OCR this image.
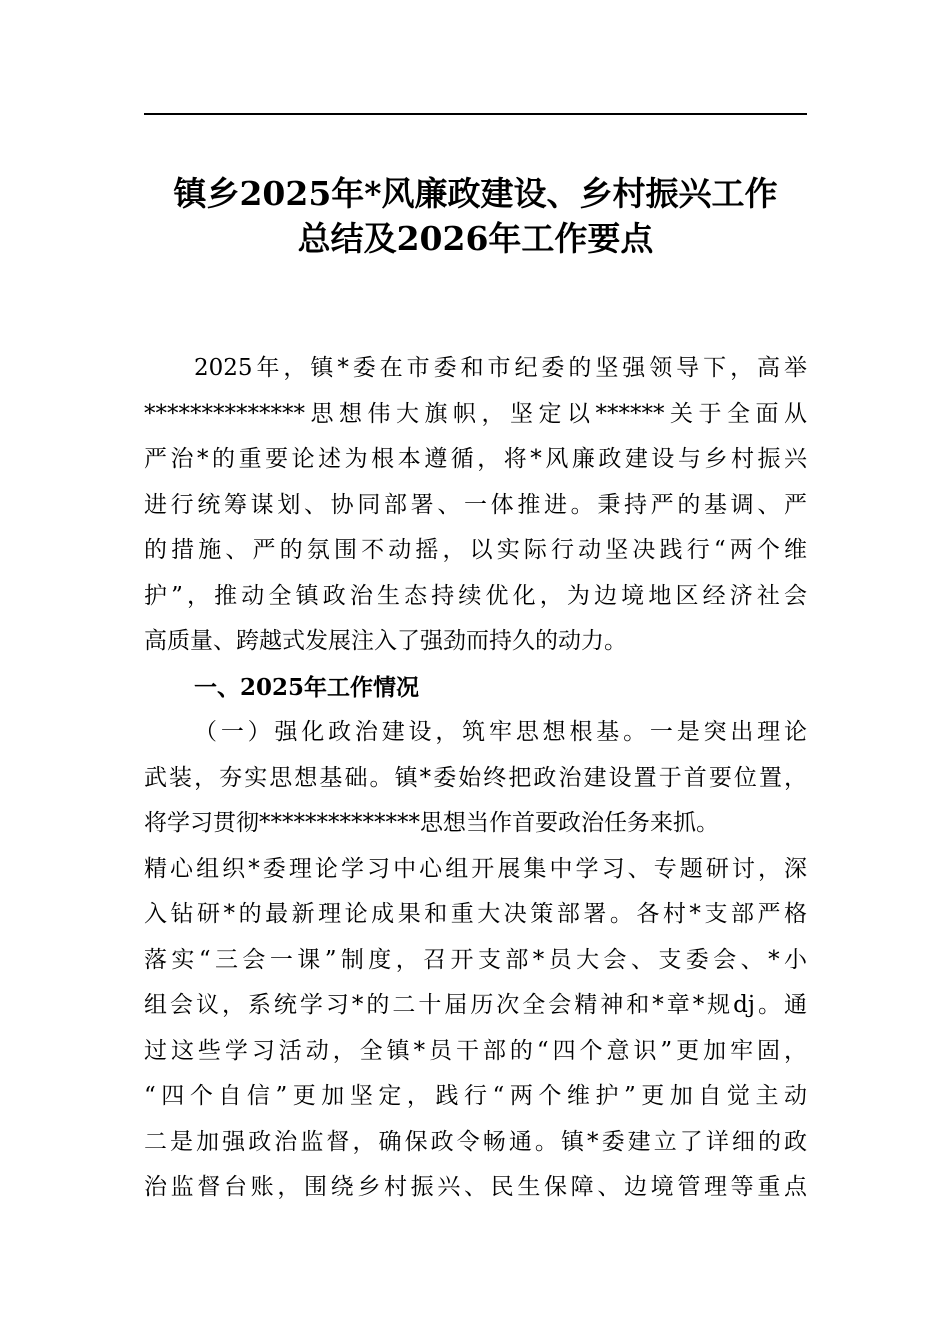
镇乡2025年*风廉政建设、乡村振兴工作
总结及2026年工作要点
2025年，镇*委在市委和市纪委的坚强领导下，高举
**************思想伟大旗帜，坚定以******关于全面从
严治*的重要论述为根本遵循，将*风廉政建设与乡村振兴
进行统筹谋划、协同部署、一体推进。秉持严的基调、严
的措施、严的氛围不动摇，以实际行动坚决践行“两个维
护”，推动全镇政治生态持续优化，为边境地区经济社会
高质量、跨越式发展注入了强劲而持久的动力。
一、2025年工作情况
（一）强化政治建设，筑牢思想根基。一是突出理论
武装，夯实思想基础。镇*委始终把政治建设置于首要位置，
将学习贯彻**************思想当作首要政治任务来抓。
精心组织*委理论学习中心组开展集中学习、专题研讨，深
入钻研*的最新理论成果和重大决策部署。各村*支部严格
落实“三会一课”制度，召开支部*员大会、支委会、*小
组会议，系统学习*的二十届历次全会精神和*章*规dj。通
过这些学习活动，全镇*员干部的“四个意识”更加牢固，
“四个自信”更加坚定，践行“两个维护”更加自觉主动
二是加强政治监督，确保政令畅通。镇*委建立了详细的政
治监督台账，围绕乡村振兴、民生保障、边境管理等重点
